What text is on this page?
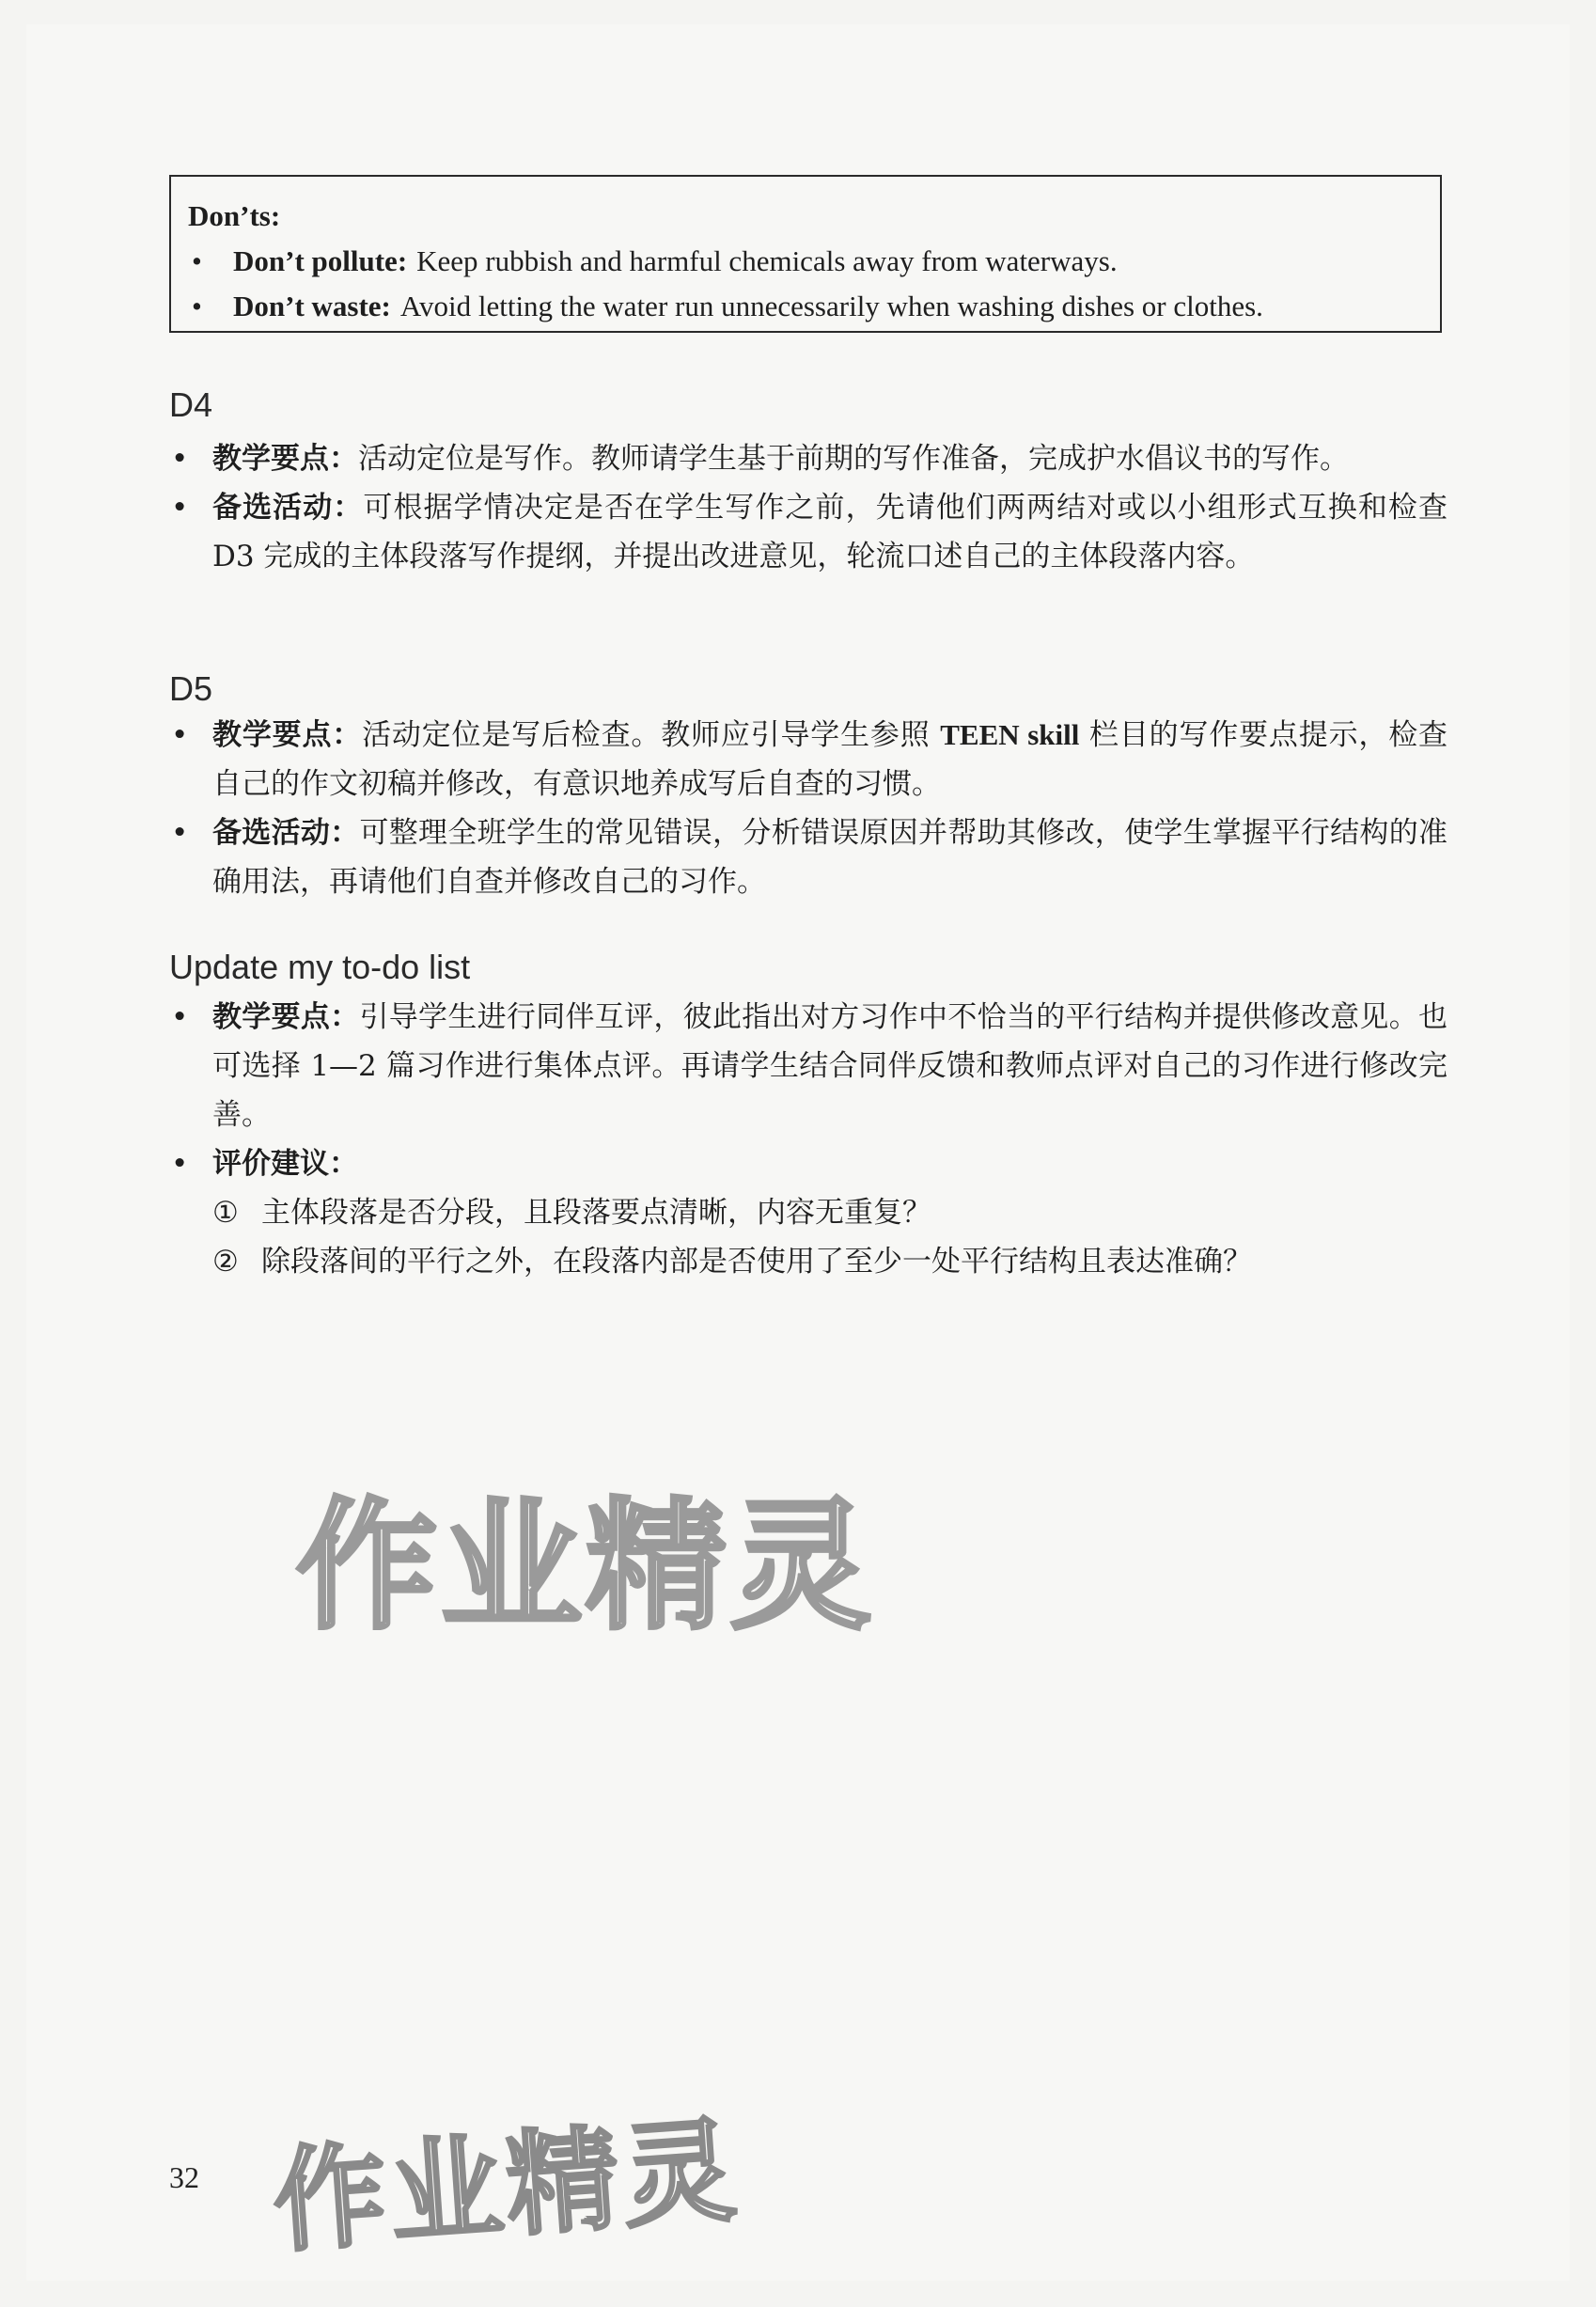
Don’ts:
•	Don’t pollute: Keep rubbish and harmful chemicals away from waterways.
•	Don’t waste: Avoid letting the water run unnecessarily when washing dishes or clothes.
D4
• 教学要点：活动定位是写作。教师请学生基于前期的写作准备，完成护水倡议书的写作。
• 备选活动：可根据学情决定是否在学生写作之前，先请他们两两结对或以小组形式互换和检查 D3 完成的主体段落写作提纲，并提出改进意见，轮流口述自己的主体段落内容。
D5
• 教学要点：活动定位是写后检查。教师应引导学生参照 TEEN skill 栏目的写作要点提示，检查自己的作文初稿并修改，有意识地养成写后自查的习惯。
• 备选活动：可整理全班学生的常见错误，分析错误原因并帮助其修改，使学生掌握平行结构的准确用法，再请他们自查并修改自己的习作。
Update my to-do list
• 教学要点：引导学生进行同伴互评，彼此指出对方习作中不恰当的平行结构并提供修改意见。也可选择 1—2 篇习作进行集体点评。再请学生结合同伴反馈和教师点评对自己的习作进行修改完善。
• 评价建议：
① 主体段落是否分段，且段落要点清晰，内容无重复？
② 除段落间的平行之外，在段落内部是否使用了至少一处平行结构且表达准确？
作业精灵
作业精灵
32
